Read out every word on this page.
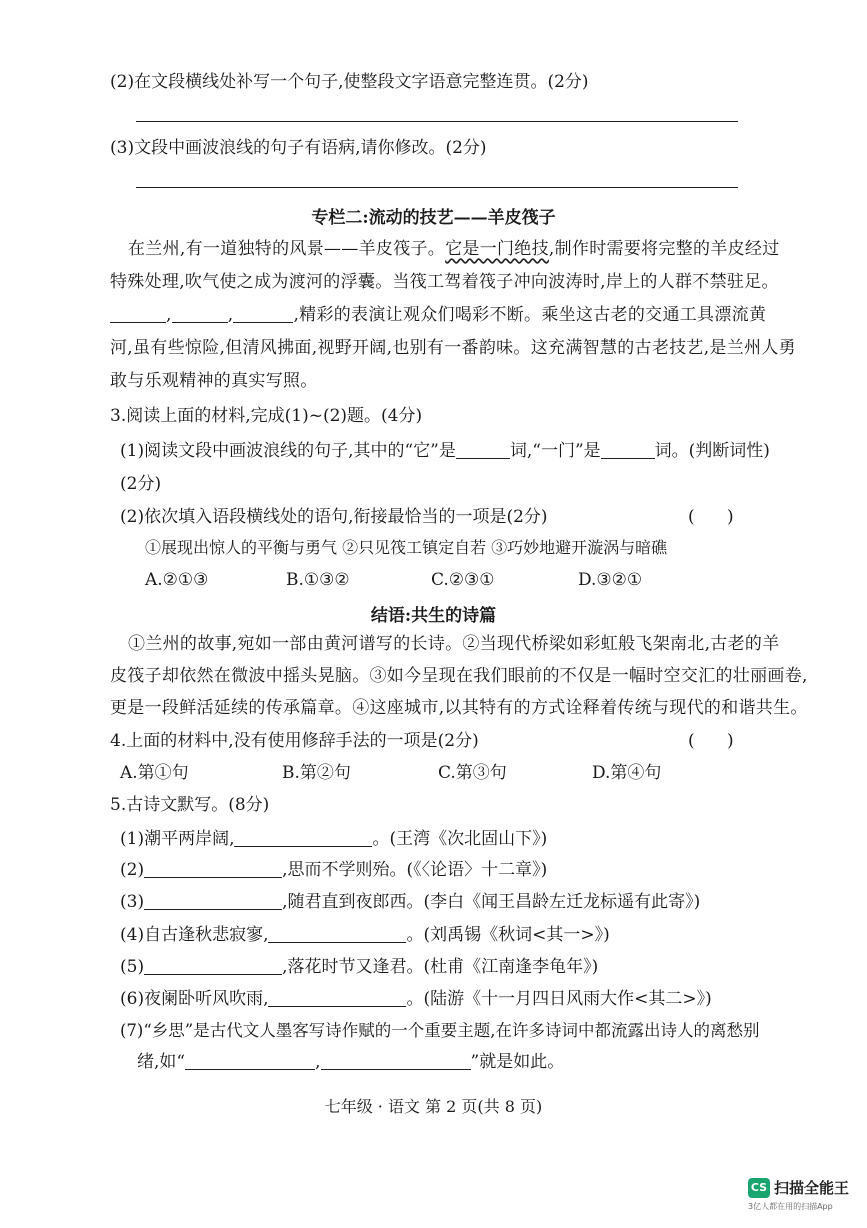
(2)在文段横线处补写一个句子,使整段文字语意完整连贯。(2分)
(3)文段中画波浪线的句子有语病,请你修改。(2分)
专栏二:流动的技艺——羊皮筏子
在兰州,有一道独特的风景——羊皮筏子。它是一门绝技,制作时需要将完整的羊皮经过
特殊处理,吹气使之成为渡河的浮囊。当筏工驾着筏子冲向波涛时,岸上的人群不禁驻足。
,	,	,精彩的表演让观众们喝彩不断。乘坐这古老的交通工具漂流黄
河,虽有些惊险,但清风拂面,视野开阔,也别有一番韵味。这充满智慧的古老技艺,是兰州人勇
敢与乐观精神的真实写照。
3.阅读上面的材料,完成(1)~(2)题。(4分)
(1)阅读文段中画波浪线的句子,其中的“它”是	词,“一门”是	词。(判断词性)
(2分)
(2)依次填入语段横线处的语句,衔接最恰当的一项是(2分)	(      )
①展现出惊人的平衡与勇气 ②只见筏工镇定自若 ③巧妙地避开漩涡与暗礁
A.②①③	B.①③②	C.②③①	D.③②①
结语:共生的诗篇
①兰州的故事,宛如一部由黄河谱写的长诗。②当现代桥梁如彩虹般飞架南北,古老的羊
皮筏子却依然在微波中摇头晃脑。③如今呈现在我们眼前的不仅是一幅时空交汇的壮丽画卷,
更是一段鲜活延续的传承篇章。④这座城市,以其特有的方式诠释着传统与现代的和谐共生。
4.上面的材料中,没有使用修辞手法的一项是(2分)	(      )
A.第①句	B.第②句	C.第③句	D.第④句
5.古诗文默写。(8分)
(1)潮平两岸阔,	。(王湾《次北固山下》)
(2)	,思而不学则殆。(《〈论语〉十二章》)
(3)	,随君直到夜郎西。(李白《闻王昌龄左迁龙标遥有此寄》)
(4)自古逢秋悲寂寥,	。(刘禹锡《秋词<其一>》)
(5)	,落花时节又逢君。(杜甫《江南逢李龟年》)
(6)夜阑卧听风吹雨,	。(陆游《十一月四日风雨大作<其二>》)
(7)“乡思”是古代文人墨客写诗作赋的一个重要主题,在许多诗词中都流露出诗人的离愁别
绪,如“	,	”就是如此。
七年级 · 语文 第 2 页(共 8 页)
CS 扫描全能王
3亿人都在用的扫描App
